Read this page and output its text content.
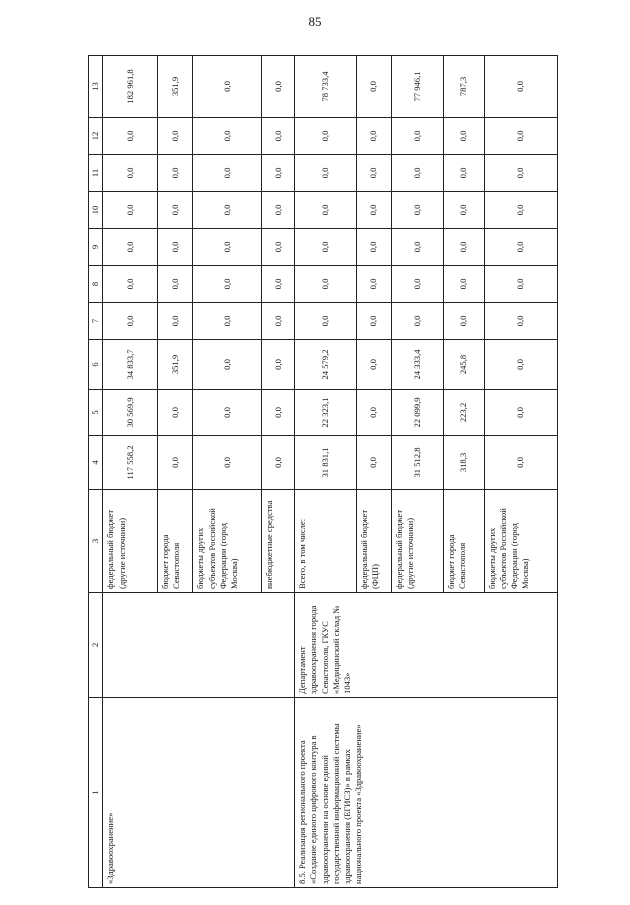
85
1	2	3	4	5	6	7	8	9	10	11	12	13
«Здравоохранение»		федеральный бюджет (другие источники)	117 558,2	30 569,9	34 833,7	0,0	0,0	0,0	0,0	0,0	0,0	182 961,8
		бюджет города Севастополя	0,0	0,0	351,9	0,0	0,0	0,0	0,0	0,0	0,0	351,9
		бюджеты других субъектов Российской Федерации (город Москва)	0,0	0,0	0,0	0,0	0,0	0,0	0,0	0,0	0,0	0,0
		внебюджетные средства	0,0	0,0	0,0	0,0	0,0	0,0	0,0	0,0	0,0	0,0
8.5. Реализация регионального проекта «Создание единого цифрового контура в здравоохранении на основе единой государственной информационной системы здравоохранения (ЕГИСЗ)» в рамках национального проекта «Здравоохранение»	Департамент здравоохранения города Севастополя, ГКУС «Медицинский склад № 1043»	Всего, в том числе:	31 831,1	22 323,1	24 579,2	0,0	0,0	0,0	0,0	0,0	0,0	78 733,4
		федеральный бюджет (ФЦП)	0,0	0,0	0,0	0,0	0,0	0,0	0,0	0,0	0,0	0,0
		федеральный бюджет (другие источники)	31 512,8	22 099,9	24 333,4	0,0	0,0	0,0	0,0	0,0	0,0	77 946,1
		бюджет города Севастополя	318,3	223,2	245,8	0,0	0,0	0,0	0,0	0,0	0,0	787,3
		бюджеты других субъектов Российской Федерации (город Москва)	0,0	0,0	0,0	0,0	0,0	0,0	0,0	0,0	0,0	0,0
